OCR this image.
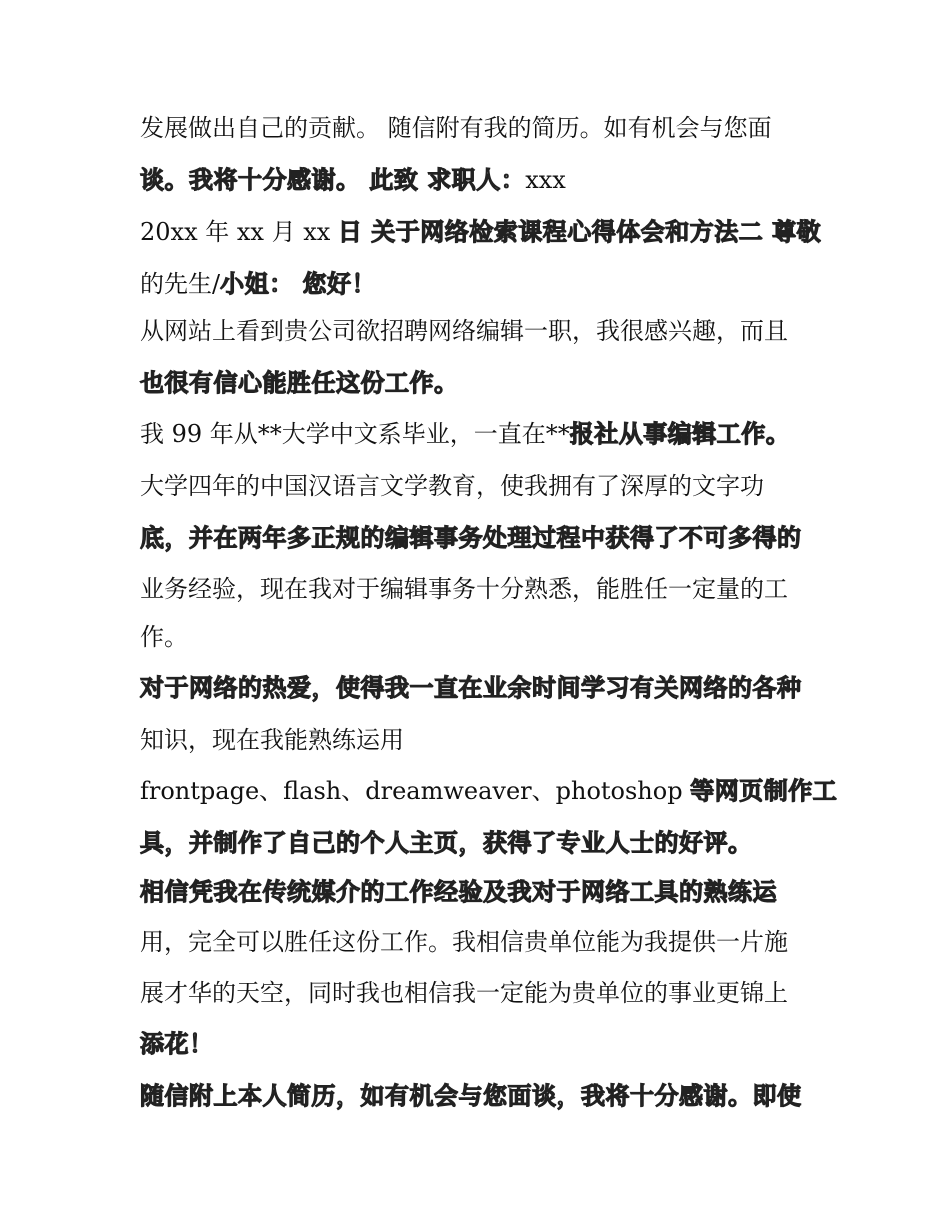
发展做出自己的贡献。 随信附有我的简历。如有机会与您面
谈。我将十分感谢。 此致 求职人：xxx
20xx 年 xx 月 xx 日 关于网络检索课程心得体会和方法二 尊敬
的先生/小姐： 您好！
从网站上看到贵公司欲招聘网络编辑一职，我很感兴趣，而且
也很有信心能胜任这份工作。
我 99 年从**大学中文系毕业，一直在**报社从事编辑工作。
大学四年的中国汉语言文学教育，使我拥有了深厚的文字功
底，并在两年多正规的编辑事务处理过程中获得了不可多得的
业务经验，现在我对于编辑事务十分熟悉，能胜任一定量的工
作。
对于网络的热爱，使得我一直在业余时间学习有关网络的各种
知识，现在我能熟练运用
frontpage、flash、dreamweaver、photoshop 等网页制作工
具，并制作了自己的个人主页，获得了专业人士的好评。
相信凭我在传统媒介的工作经验及我对于网络工具的熟练运
用，完全可以胜任这份工作。我相信贵单位能为我提供一片施
展才华的天空，同时我也相信我一定能为贵单位的事业更锦上
添花！
随信附上本人简历，如有机会与您面谈，我将十分感谢。即使
